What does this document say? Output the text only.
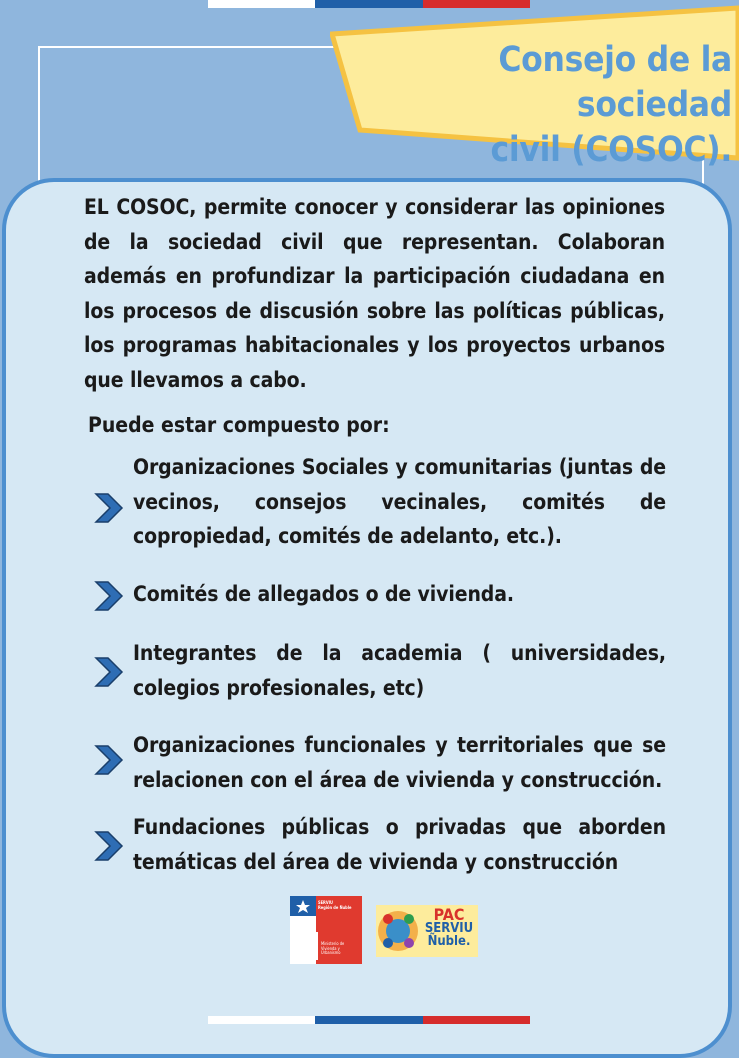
Consejo de la sociedad
civil (COSOC).
EL COSOC, permite conocer y considerar las opiniones de la sociedad civil que representan. Colaboran además en profundizar la participación ciudadana en los procesos de discusión sobre las políticas públicas, los programas habitacionales y los proyectos urbanos que llevamos a cabo.
Puede estar compuesto por:
Organizaciones Sociales y comunitarias (juntas de vecinos, consejos vecinales, comités de copropiedad, comités de adelanto, etc.).
Comités de allegados o de vivienda.
Integrantes de la academia ( universidades, colegios profesionales, etc)
Organizaciones funcionales y territoriales que se relacionen con el área de vivienda y construcción.
Fundaciones públicas o privadas que aborden temáticas del área de vivienda y construcción
SERVIU
Región de Ñuble
Ministerio de Vivienda y Urbanismo
PAC
SERVIU
Ñuble.
